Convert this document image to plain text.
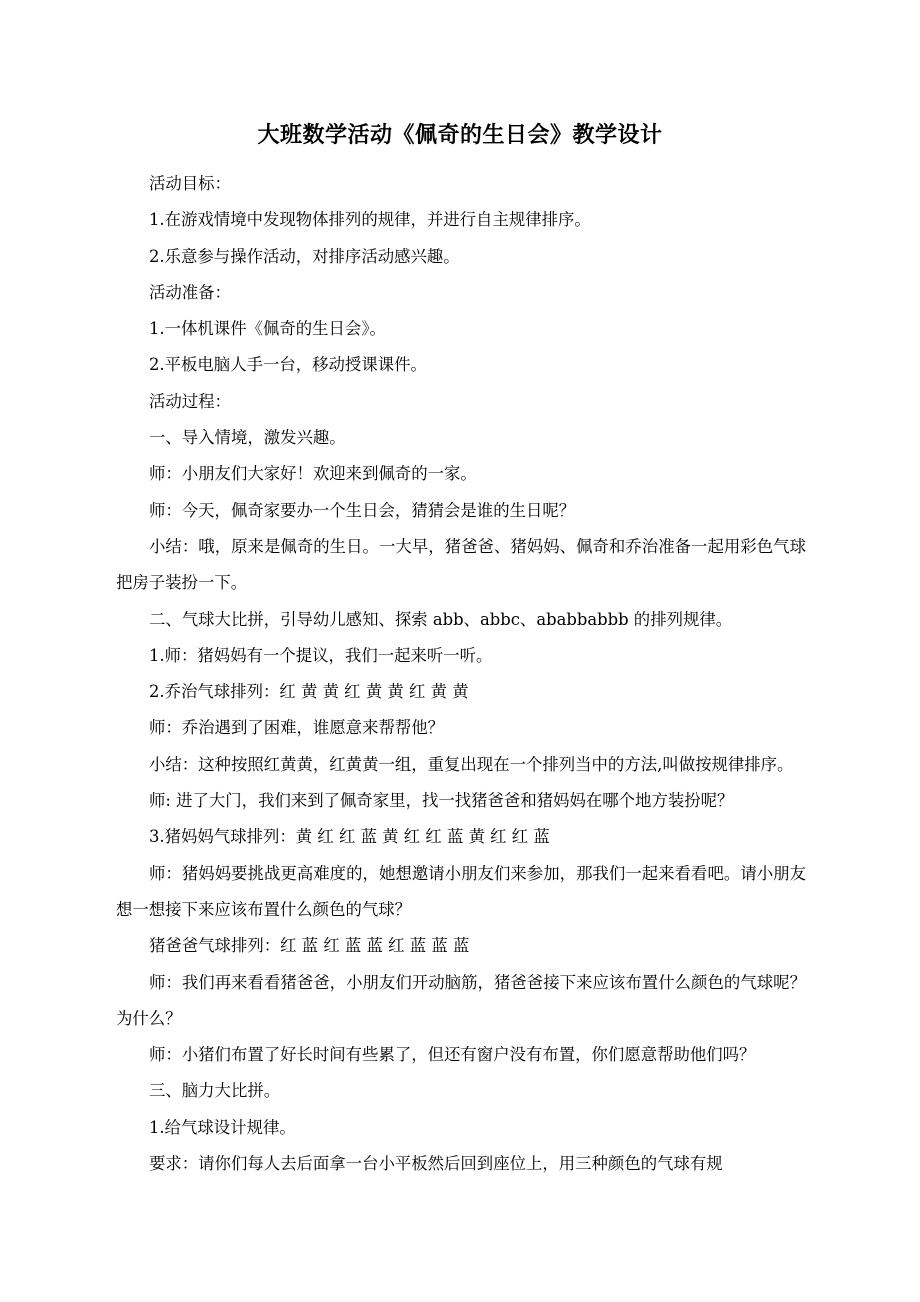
大班数学活动《佩奇的生日会》教学设计

活动目标：

1.在游戏情境中发现物体排列的规律，并进行自主规律排序。

2.乐意参与操作活动，对排序活动感兴趣。

活动准备：

1.一体机课件《佩奇的生日会》。

2.平板电脑人手一台，移动授课课件。

活动过程：

一、导入情境，激发兴趣。

师：小朋友们大家好！欢迎来到佩奇的一家。

师：今天，佩奇家要办一个生日会，猜猜会是谁的生日呢？

小结：哦，原来是佩奇的生日。一大早，猪爸爸、猪妈妈、佩奇和乔治准备一起用彩色气球把房子装扮一下。

二、气球大比拼，引导幼儿感知、探索 abb、abbc、ababbabbb 的排列规律。

1.师：猪妈妈有一个提议，我们一起来听一听。

2.乔治气球排列：红 黄 黄 红 黄 黄 红 黄 黄

师：乔治遇到了困难，谁愿意来帮帮他？

小结：这种按照红黄黄，红黄黄一组，重复出现在一个排列当中的方法,叫做按规律排序。

师: 进了大门，我们来到了佩奇家里，找一找猪爸爸和猪妈妈在哪个地方装扮呢？

3.猪妈妈气球排列：黄 红 红 蓝 黄 红 红 蓝 黄 红 红 蓝

师：猪妈妈要挑战更高难度的，她想邀请小朋友们来参加，那我们一起来看看吧。请小朋友想一想接下来应该布置什么颜色的气球？

猪爸爸气球排列：红 蓝 红 蓝 蓝 红 蓝 蓝 蓝

师：我们再来看看猪爸爸，小朋友们开动脑筋，猪爸爸接下来应该布置什么颜色的气球呢？为什么？

师：小猪们布置了好长时间有些累了，但还有窗户没有布置，你们愿意帮助他们吗？

三、脑力大比拼。

1.给气球设计规律。

要求：请你们每人去后面拿一台小平板然后回到座位上，用三种颜色的气球有规
